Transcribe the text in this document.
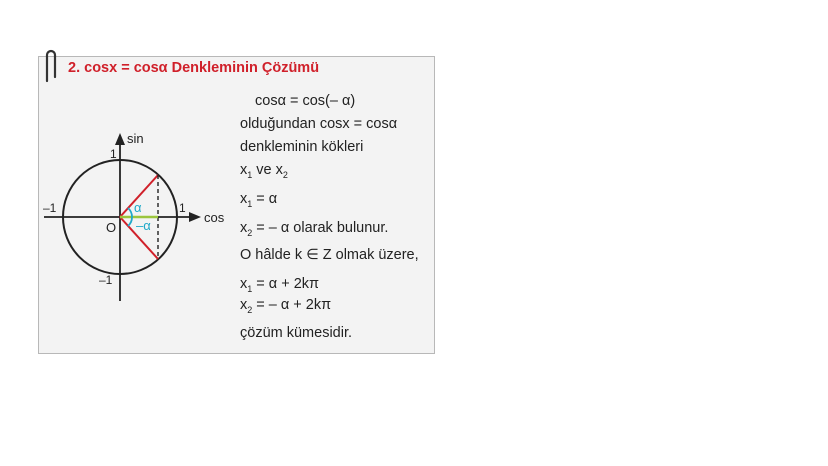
2. cosx = cosα Denkleminin Çözümü
sin
cos
1
1
–1
–1
O
α
–α
cosα = cos(– α)
olduğundan cosx = cosα
denkleminin kökleri
$x_1$ ve $x_2$
$x_1 = \alpha$
$x_2$ = – α olarak bulunur.
O hâlde k ∈ Z olmak üzere,
$x_1 = \alpha + 2k\pi$
$x_2$ = – α + 2kπ
çözüm kümesidir.
